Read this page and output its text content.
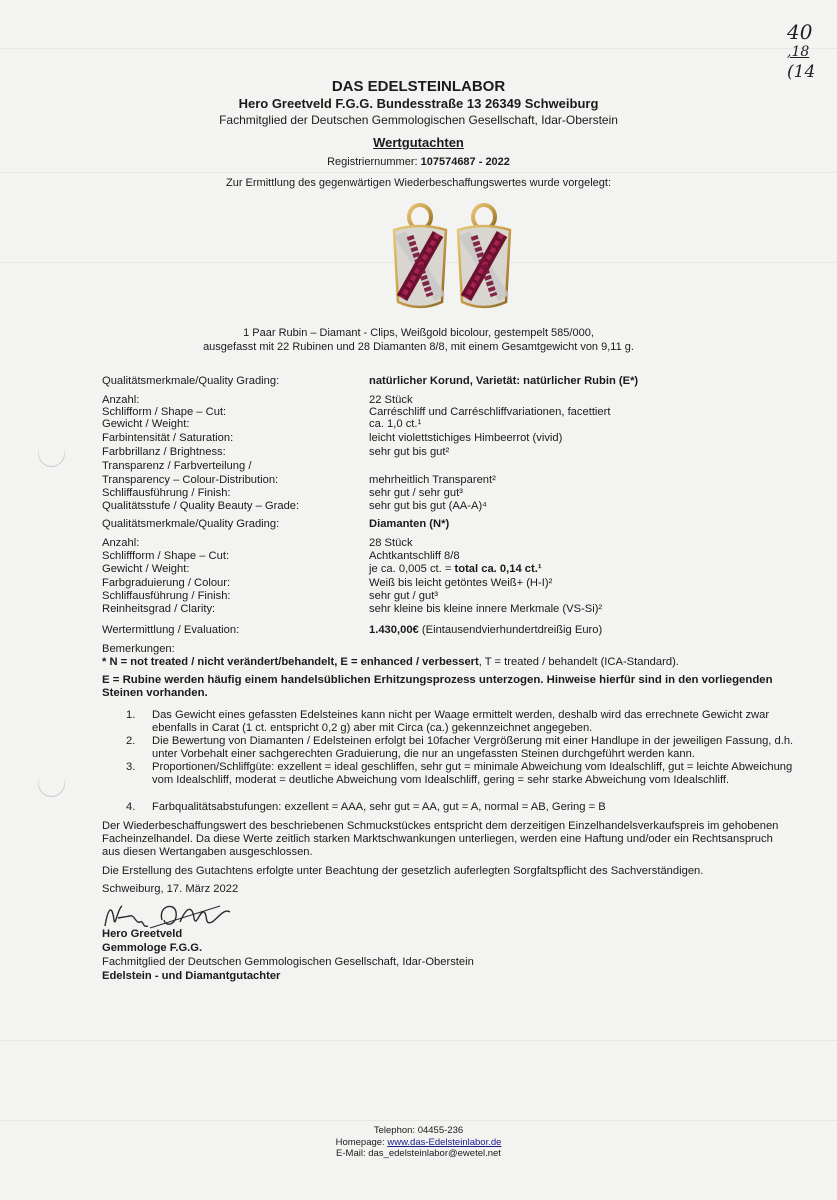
40
,18
(14
DAS EDELSTEINLABOR
Hero Greetveld F.G.G. Bundesstraße 13 26349 Schweiburg
Fachmitglied der Deutschen Gemmologischen Gesellschaft, Idar-Oberstein
Wertgutachten
Registriernummer: 107574687 - 2022
Zur Ermittlung des gegenwärtigen Wiederbeschaffungswertes wurde vorgelegt:
1 Paar Rubin – Diamant - Clips, Weißgold bicolour, gestempelt 585/000,
ausgefasst mit 22 Rubinen und 28 Diamanten 8/8, mit einem Gesamtgewicht von 9,11 g.
Qualitätsmerkmale/Quality Grading:	natürlicher Korund, Varietät: natürlicher Rubin (E*)
Anzahl:	22 Stück
Schlifform / Shape – Cut:	Carréschliff und Carréschliffvariationen, facettiert
Gewicht / Weight:	ca. 1,0 ct.¹
Farbintensität / Saturation:	leicht violettstichiges Himbeerrot (vivid)
Farbbrillanz / Brightness:	sehr gut bis gut²
Transparenz / Farbverteilung /
Transparency – Colour-Distribution:	mehrheitlich Transparent²
Schliffausführung / Finish:	sehr gut / sehr gut³
Qualitätsstufe / Quality Beauty – Grade:	sehr gut bis gut (AA-A)⁴
Qualitätsmerkmale/Quality Grading:	Diamanten (N*)
Anzahl:	28 Stück
Schliffform / Shape – Cut:	Achtkantschliff 8/8
Gewicht / Weight:	je ca. 0,005 ct. = total ca. 0,14 ct.¹
Farbgraduierung / Colour:	Weiß bis leicht getöntes Weiß+ (H-I)²
Schliffausführung / Finish:	sehr gut / gut³
Reinheitsgrad / Clarity:	sehr kleine bis kleine innere Merkmale (VS-Si)²
Wertermittlung / Evaluation:	1.430,00€ (Eintausendvierhundertdreißig Euro)
Bemerkungen:
* N = not treated / nicht verändert/behandelt, E = enhanced / verbessert, T = treated / behandelt (ICA-Standard).
E = Rubine werden häufig einem handelsüblichen Erhitzungsprozess unterzogen. Hinweise hierfür sind in den vorliegenden Steinen vorhanden.
1. Das Gewicht eines gefassten Edelsteines kann nicht per Waage ermittelt werden, deshalb wird das errechnete Gewicht zwar ebenfalls in Carat (1 ct. entspricht 0,2 g) aber mit Circa (ca.) gekennzeichnet angegeben.
2. Die Bewertung von Diamanten / Edelsteinen erfolgt bei 10facher Vergrößerung mit einer Handlupe in der jeweiligen Fassung, d.h. unter Vorbehalt einer sachgerechten Graduierung, die nur an ungefassten Steinen durchgeführt werden kann.
3. Proportionen/Schliffgüte: exzellent = ideal geschliffen, sehr gut = minimale Abweichung vom Idealschliff, gut = leichte Abweichung vom Idealschliff, moderat = deutliche Abweichung vom Idealschliff, gering = sehr starke Abweichung vom Idealschliff.
4. Farbqualitätsabstufungen: exzellent = AAA, sehr gut = AA, gut = A, normal = AB, Gering = B
Der Wiederbeschaffungswert des beschriebenen Schmuckstückes entspricht dem derzeitigen Einzelhandelsverkaufspreis im gehobenen Facheinzelhandel. Da diese Werte zeitlich starken Marktschwankungen unterliegen, werden eine Haftung und/oder ein Rechtsanspruch aus diesen Wertangaben ausgeschlossen.
Die Erstellung des Gutachtens erfolgte unter Beachtung der gesetzlich auferlegten Sorgfaltspflicht des Sachverständigen.
Schweiburg, 17. März 2022
Hero Greetveld
Gemmologe F.G.G.
Fachmitglied der Deutschen Gemmologischen Gesellschaft, Idar-Oberstein
Edelstein - und Diamantgutachter
Telephon: 04455-236
Homepage: www.das-Edelsteinlabor.de
E-Mail: das_edelsteinlabor@ewetel.net
